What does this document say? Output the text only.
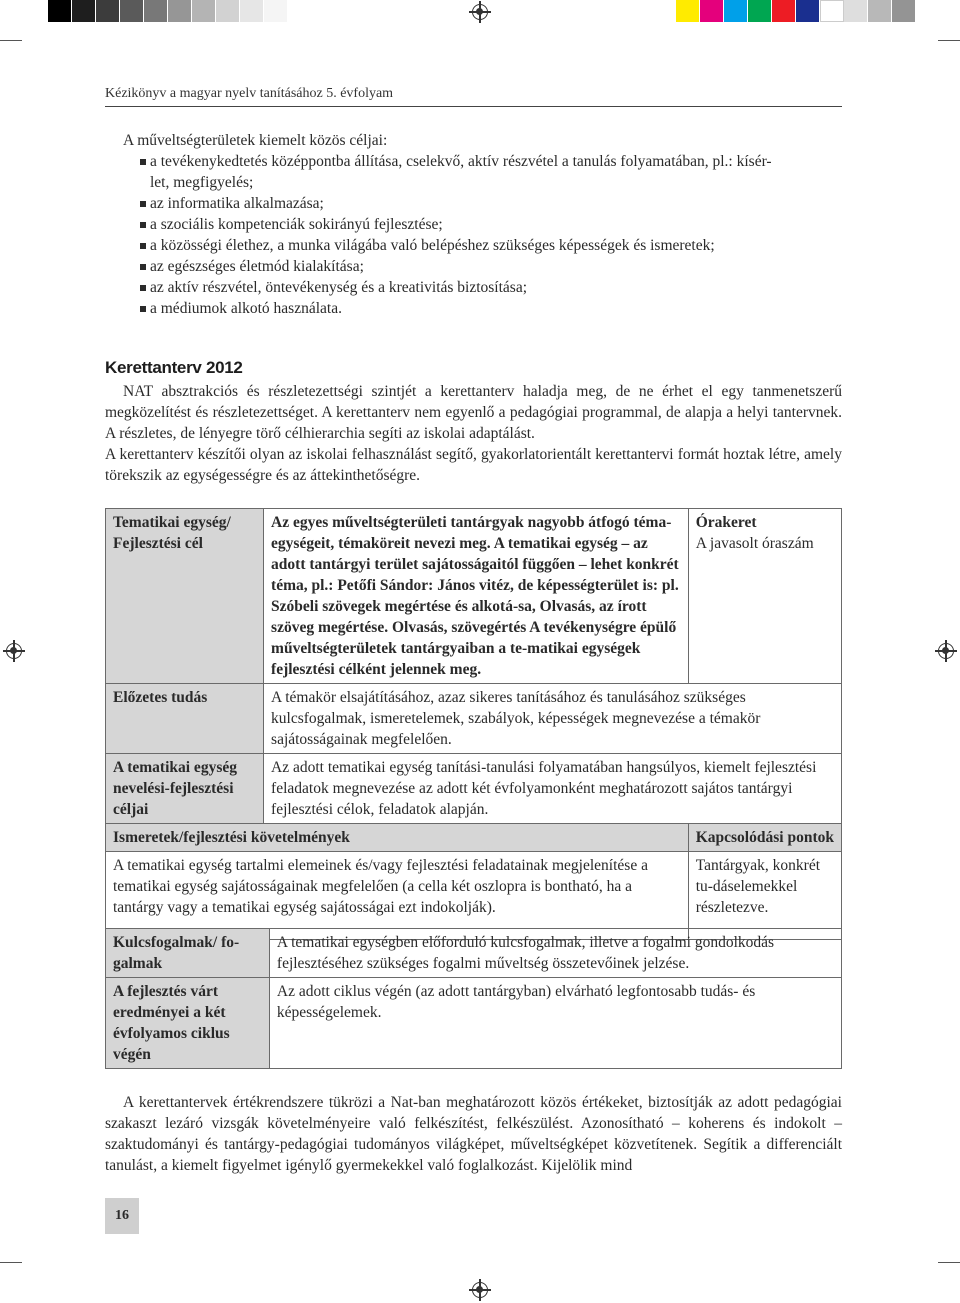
Kézikönyv a magyar nyelv tanításához 5. évfolyam

A műveltségterületek kiemelt közös céljai:

a tevékenykedtetés középpontba állítása, cselekvő, aktív részvétel a tanulás folyamatában, pl.: kísér-
let, megfigyelés;
az informatika alkalmazása;
a szociális kompetenciák sokirányú fejlesztése;
a közösségi élethez, a munka világába való belépéshez szükséges képességek és ismeretek;
az egészséges életmód kialakítása;
az aktív részvétel, öntevékenység és a kreativitás biztosítása;
a médiumok alkotó használata.
Kerettanterv 2012

NAT absztrakciós és részletezettségi szintjét a kerettanterv haladja meg, de ne érhet el egy tanmenetszerű megközelítést és részletezettséget. A kerettanterv nem egyenlő a pedagógiai programmal, de alapja a helyi tantervnek. A részletes, de lényegre törő célhierarchia segíti az iskolai adaptálást.

A kerettanterv készítői olyan az iskolai felhasználást segítő, gyakorlatorientált kerettantervi formát hoztak létre, amely törekszik az egységességre és az áttekinthetőségre.

Tematikai egység/ Fejlesztési cél	Az egyes műveltségterületi tantárgyak nagyobb átfogó téma-egységeit, témaköreit nevezi meg. A tematikai egység – az adott tantárgyi terület sajátosságaitól függően – lehet konkrét téma, pl.: Petőfi Sándor: János vitéz, de képességterület is: pl. Szóbeli szövegek megértése és alkotá-sa, Olvasás, az írott szöveg megértése. Olvasás, szövegértés A tevékenységre épülő műveltségterületek tantárgyaiban a te-matikai egységek fejlesztési célként jelennek meg.	Órakeret
A javasolt óraszám

Előzetes tudás	A témakör elsajátításához, azaz sikeres tanításához és tanulásához szükséges kulcsfogalmak, ismeretelemek, szabályok, képességek megnevezése a témakör sajátosságainak megfelelően.	
A tematikai egység nevelési-fejlesztési céljai	Az adott tematikai egység tanítási-tanulási folyamatában hangsúlyos, kiemelt fejlesztési feladatok megnevezése az adott két évfolyamonként meghatározott sajátos tantárgyi fejlesztési célok, feladatok alapján.	
Ismeretek/fejlesztési követelmények		Kapcsolódási pontok
A tematikai egység tartalmi elemeinek és/vagy fejlesztési feladatainak megjelenítése a tematikai egység sajátosságainak megfelelően (a cella két oszlopra is bontható, ha a tantárgy vagy a tematikai egység sajátosságai ezt indokolják).		Tantárgyak, konkrét tu-dáselemekkel részletezve.
Kulcsfogalmak/ fo-galmak	A tematikai egységben előforduló kulcsfogalmak, illetve a fogalmi gondolkodás fejlesztéséhez szükséges fogalmi műveltség összetevőinek jelzése.
A fejlesztés várt eredményei a két évfolyamos ciklus végén	Az adott ciklus végén (az adott tantárgyban) elvárható legfontosabb tudás- és képességelemek.

A kerettantervek értékrendszere tükrözi a Nat-ban meghatározott közös értékeket, biztosítják az adott pedagógiai szakaszt lezáró vizsgák követelményeire való felkészítést, felkészülést. Azonosítható – koherens és indokolt – szaktudományi és tantárgy-pedagógiai tudományos világképet, műveltségképet közvetítenek. Segítik a differenciált tanulást, a kiemelt figyelmet igénylő gyermekekkel való foglalkozást. Kijelölik mind

16
